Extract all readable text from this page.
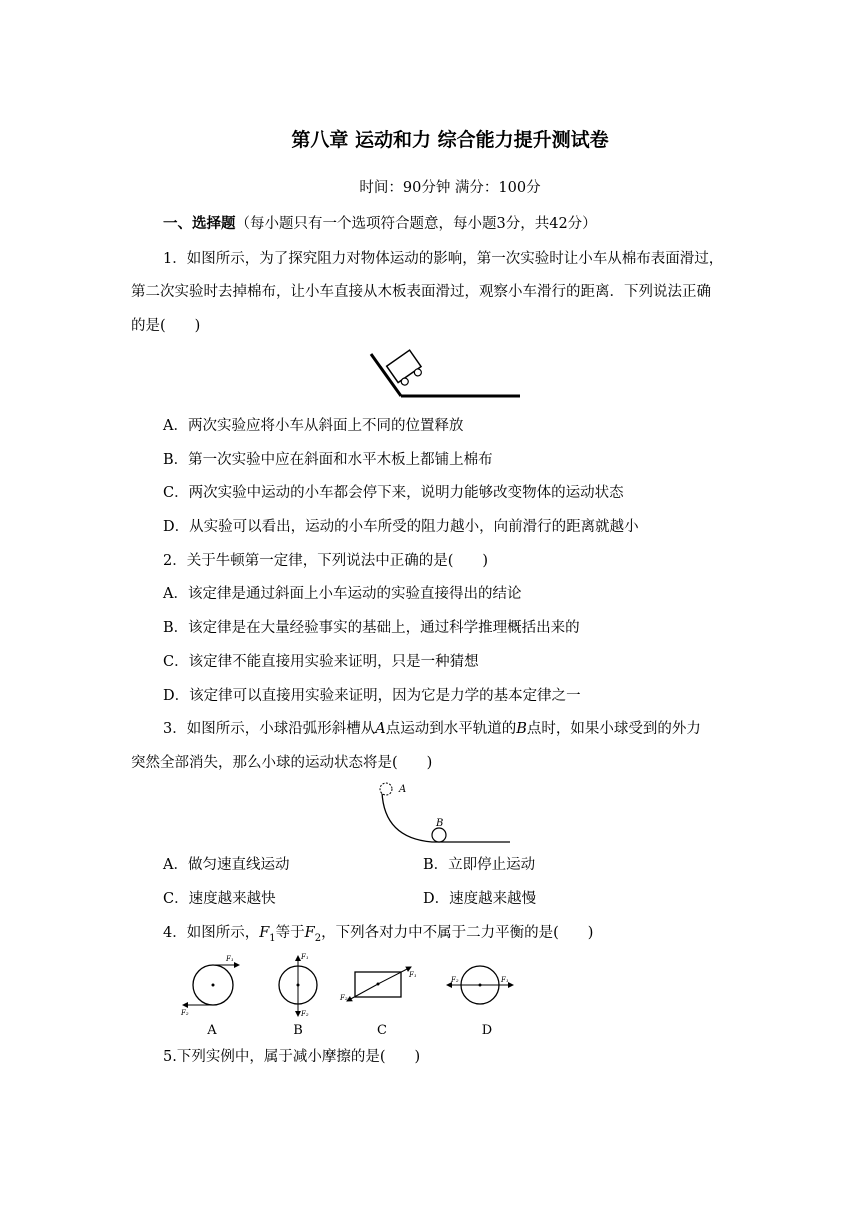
第八章 运动和力 综合能力提升测试卷
时间：90分钟 满分：100分
一、选择题（每小题只有一个选项符合题意，每小题3分，共42分）
1．如图所示，为了探究阻力对物体运动的影响，第一次实验时让小车从棉布表面滑过，
第二次实验时去掉棉布，让小车直接从木板表面滑过，观察小车滑行的距离．下列说法正确
的是(　　)
A．两次实验应将小车从斜面上不同的位置释放
B．第一次实验中应在斜面和水平木板上都铺上棉布
C．两次实验中运动的小车都会停下来，说明力能够改变物体的运动状态
D．从实验可以看出，运动的小车所受的阻力越小，向前滑行的距离就越小
2．关于牛顿第一定律，下列说法中正确的是(　　)
A．该定律是通过斜面上小车运动的实验直接得出的结论
B．该定律是在大量经验事实的基础上，通过科学推理概括出来的
C．该定律不能直接用实验来证明，只是一种猜想
D．该定律可以直接用实验来证明，因为它是力学的基本定律之一
3．如图所示，小球沿弧形斜槽从A点运动到水平轨道的B点时，如果小球受到的外力
突然全部消失，那么小球的运动状态将是(　　)
A
B
A．做匀速直线运动	B．立即停止运动
C．速度越来越快	D．速度越来越慢
4．如图所示，$F_1$等于$F_2$，下列各对力中不属于二力平衡的是(　　)
F₁
F₂
A
F₁
F₂
B
F₁
F₂
C
F₁
F₂
D
5.下列实例中，属于减小摩擦的是(　　)
